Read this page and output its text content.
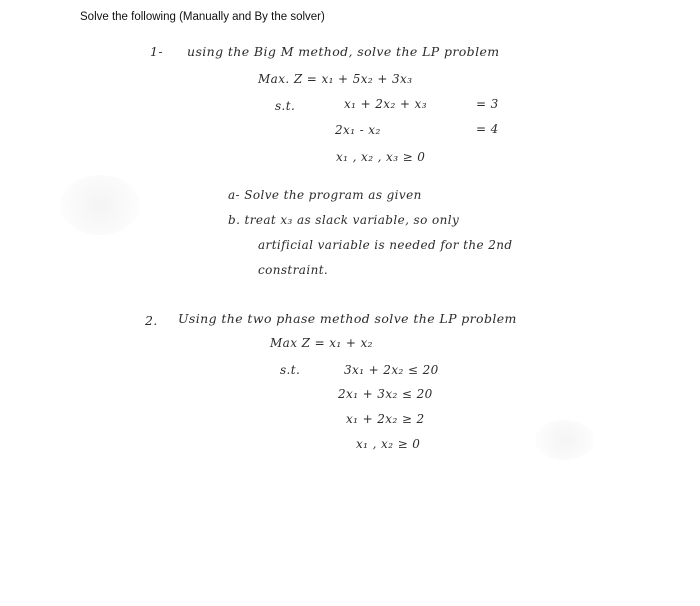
Solve the following (Manually and By the solver)
1- using the Big M method, solve the LP problem
Max. Z = x₁ + 5x₂ + 3x₃
s.t.	x₁ + 2x₂ + x₃	= 3
2x₁ - x₂	= 4
x₁ , x₂ , x₃ ≥ 0
a- Solve the program as given
b. treat x₃ as slack variable, so only
artificial variable is needed for the 2nd
constraint.
2. Using the two phase method solve the LP problem
Max Z = x₁ + x₂
s.t.	3x₁ + 2x₂ ≤ 20
2x₁ + 3x₂ ≤ 20
x₁ + 2x₂ ≥ 2
x₁ , x₂ ≥ 0
